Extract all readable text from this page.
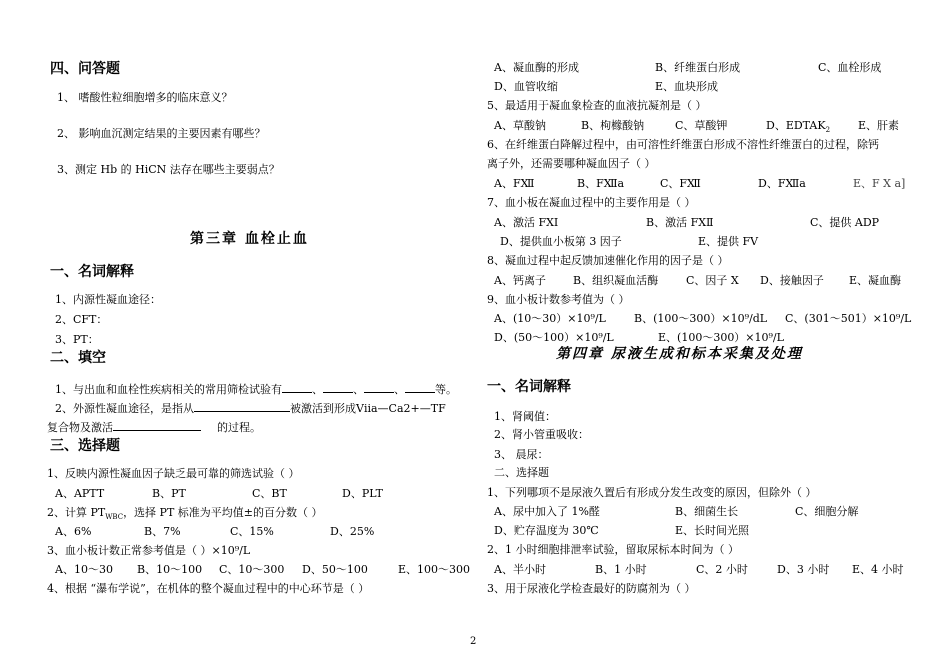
四、问答题
1、 嗜酸性粒细胞增多的临床意义？
2、 影响血沉测定结果的主要因素有哪些？
3、测定 Hb 的 HiCN 法存在哪些主要弱点？
第三章 血栓止血
一、名词解释
1、内源性凝血途径：
2、CFT：
3、PT：
二、填空
1、与出血和血栓性疾病相关的常用筛检试验有	、	、	、	等。
2、外源性凝血途径，是指从	被激活到形成Ⅴⅱa—Ca2+—TF
复合物及激活	的过程。
三、选择题
1、反映内源性凝血因子缺乏最可靠的筛选试验（ ）
A、APTT	B、PT	C、BT	D、PLT
2、计算 $PT_{WBC}$，选择 PT 标准为平均值±的百分数（ ）
A、6%	B、7%	C、15%	D、25%
3、血小板计数正常参考值是（ ）×10⁹/L
A、10～30 B、10～100 C、10～300 D、50～100	E、100～300
4、根据 “瀑布学说”，在机体的整个凝血过程中的中心环节是（ ）
A、凝血酶的形成	B、纤维蛋白形成	C、血栓形成
D、血管收缩	E、血块形成
5、最适用于凝血象检查的血液抗凝剂是（ ）
A、草酸钠	B、枸橼酸钠	C、草酸钾	D、$EDTAK_2$	E、肝素
6、在纤维蛋白降解过程中，由可溶性纤维蛋白形成不溶性纤维蛋白的过程，除钙
离子外，还需要哪种凝血因子（ ）
A、FⅫ	B、FⅫa	C、FⅫ	D、FⅫa	E、F X a]
7、血小板在凝血过程中的主要作用是（ ）
A、激活 FXI	B、激活 FXⅡ	C、提供 ADP
D、提供血小板第 3 因子	E、提供 FV
8、凝血过程中起反馈加速催化作用的因子是（ ）
A、钙离子 B、组织凝血活酶	C、因子 X D、接触因子 E、凝血酶
9、血小板计数参考值为（ ）
A、(10～30）×10⁹/L	B、(100～300）×10⁹/dL C、(301～501）×10⁹/L
D、(50～100）×10⁹/L	E、(100～300）×10⁹/L
第四章 尿液生成和标本采集及处理
一、名词解释
1、肾阈值：
2、肾小管重吸收：
3、 晨尿：
二、选择题
1、下列哪项不是尿液久置后有形成分发生改变的原因，但除外（ ）
A、尿中加入了 1%醛	B、细菌生长	C、细胞分解
D、贮存温度为 30℃	E、长时间光照
2、1 小时细胞排泄率试验，留取尿标本时间为（ ）
A、半小时	B、1 小时	C、2 小时	D、3 小时 E、4 小时
3、用于尿液化学检查最好的防腐剂为（ ）
2
